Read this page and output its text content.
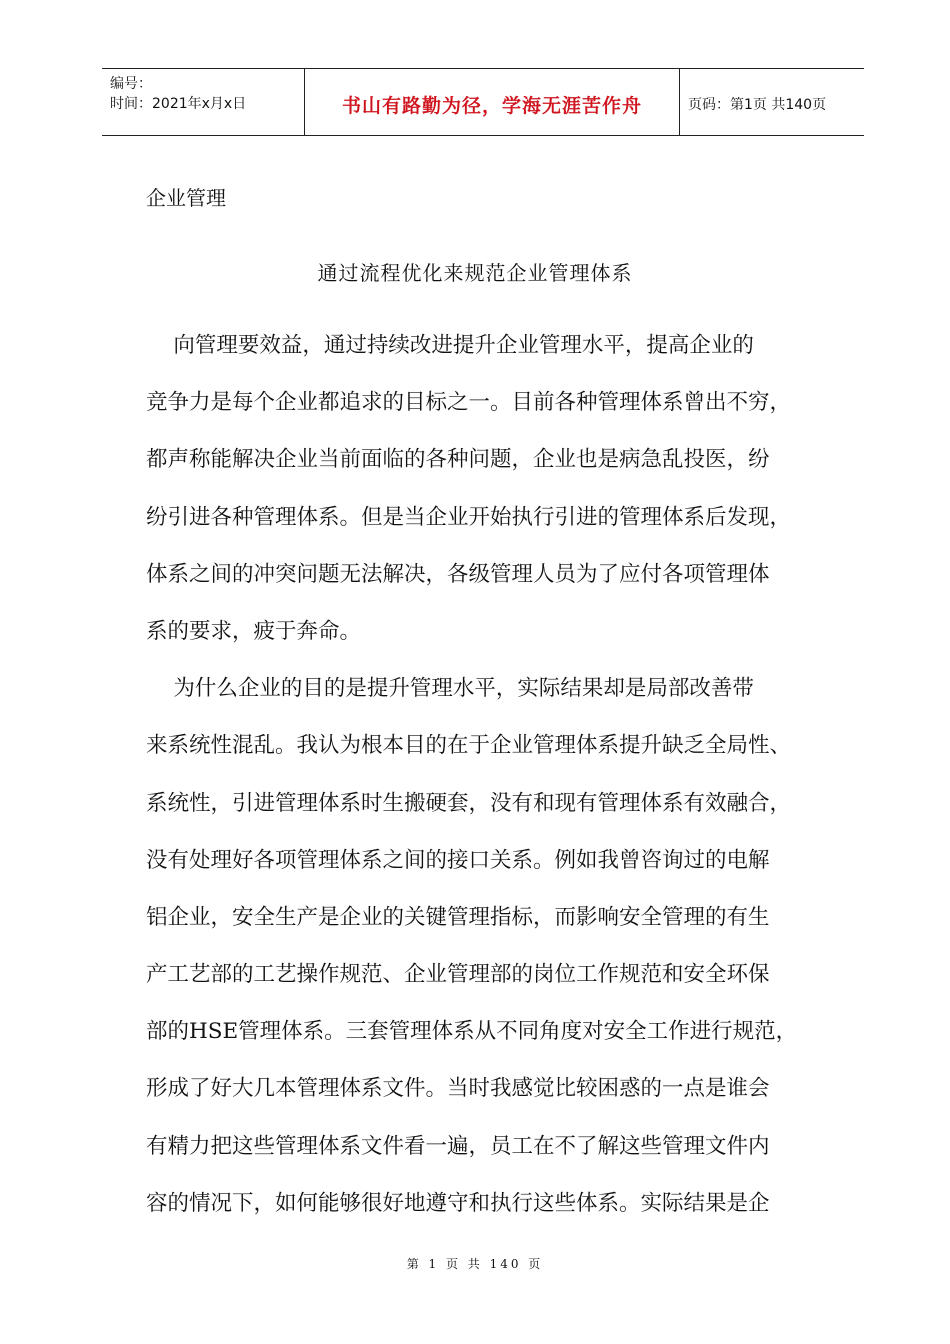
编号：
时间：2021年x月x日	书山有路勤为径，学海无涯苦作舟	页码：第1页 共140页
企业管理
通过流程优化来规范企业管理体系
向管理要效益，通过持续改进提升企业管理水平，提高企业的
竞争力是每个企业都追求的目标之一。目前各种管理体系曾出不穷，
都声称能解决企业当前面临的各种问题，企业也是病急乱投医，纷
纷引进各种管理体系。但是当企业开始执行引进的管理体系后发现，
体系之间的冲突问题无法解决，各级管理人员为了应付各项管理体
系的要求，疲于奔命。
为什么企业的目的是提升管理水平，实际结果却是局部改善带
来系统性混乱。我认为根本目的在于企业管理体系提升缺乏全局性、
系统性，引进管理体系时生搬硬套，没有和现有管理体系有效融合，
没有处理好各项管理体系之间的接口关系。例如我曾咨询过的电解
铝企业，安全生产是企业的关键管理指标，而影响安全管理的有生
产工艺部的工艺操作规范、企业管理部的岗位工作规范和安全环保
部的HSE管理体系。三套管理体系从不同角度对安全工作进行规范，
形成了好大几本管理体系文件。当时我感觉比较困惑的一点是谁会
有精力把这些管理体系文件看一遍，员工在不了解这些管理文件内
容的情况下，如何能够很好地遵守和执行这些体系。实际结果是企
第 1 页 共 140 页
